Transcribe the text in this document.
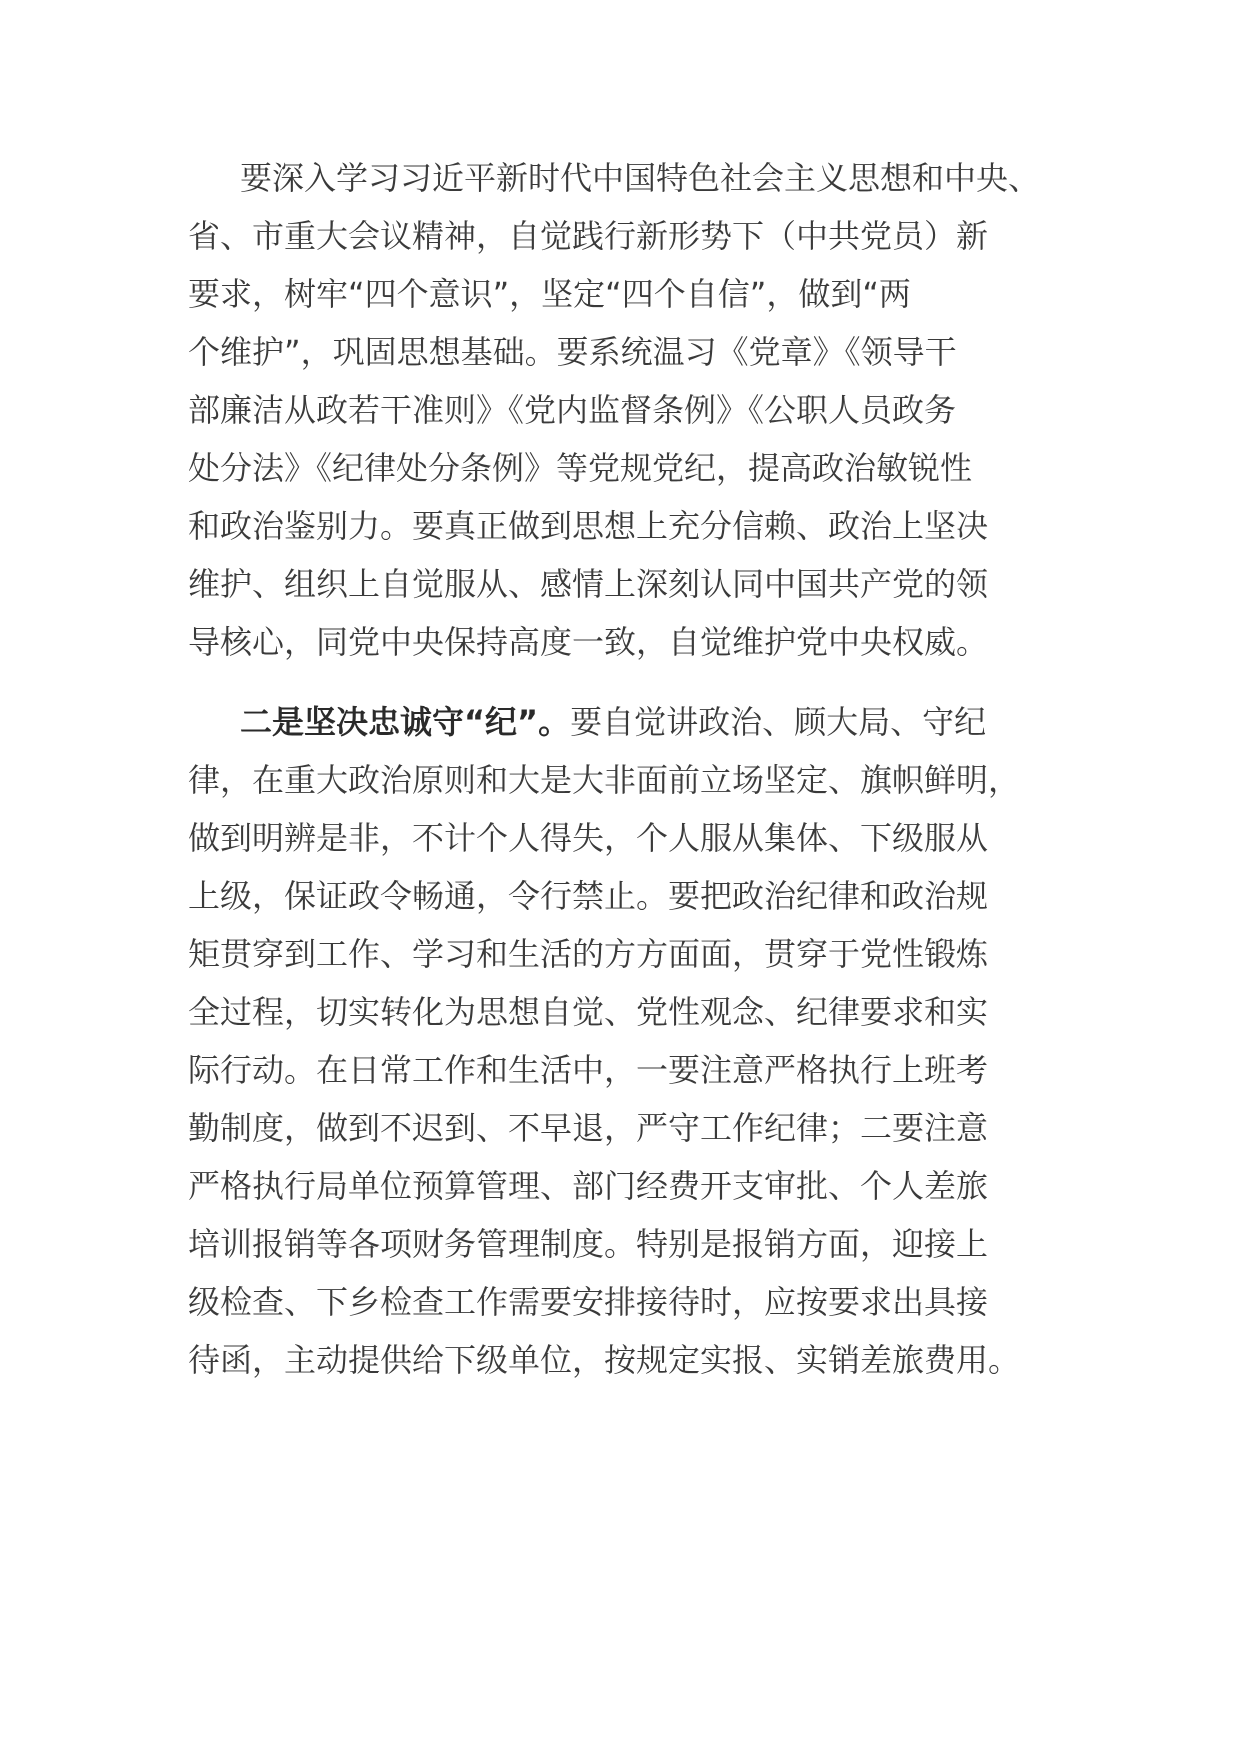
要深入学习习近平新时代中国特色社会主义思想和中央、
省、市重大会议精神，自觉践行新形势下（中共党员）新
要求，树牢“四个意识”，坚定“四个自信”，做到“两
个维护”，巩固思想基础。要系统温习《党章》《领导干
部廉洁从政若干准则》《党内监督条例》《公职人员政务
处分法》《纪律处分条例》等党规党纪，提高政治敏锐性
和政治鉴别力。要真正做到思想上充分信赖、政治上坚决
维护、组织上自觉服从、感情上深刻认同中国共产党的领
导核心，同党中央保持高度一致，自觉维护党中央权威。
二是坚决忠诚守“纪”。要自觉讲政治、顾大局、守纪
律，在重大政治原则和大是大非面前立场坚定、旗帜鲜明，
做到明辨是非，不计个人得失，个人服从集体、下级服从
上级，保证政令畅通，令行禁止。要把政治纪律和政治规
矩贯穿到工作、学习和生活的方方面面，贯穿于党性锻炼
全过程，切实转化为思想自觉、党性观念、纪律要求和实
际行动。在日常工作和生活中，一要注意严格执行上班考
勤制度，做到不迟到、不早退，严守工作纪律；二要注意
严格执行局单位预算管理、部门经费开支审批、个人差旅
培训报销等各项财务管理制度。特别是报销方面，迎接上
级检查、下乡检查工作需要安排接待时，应按要求出具接
待函，主动提供给下级单位，按规定实报、实销差旅费用。
